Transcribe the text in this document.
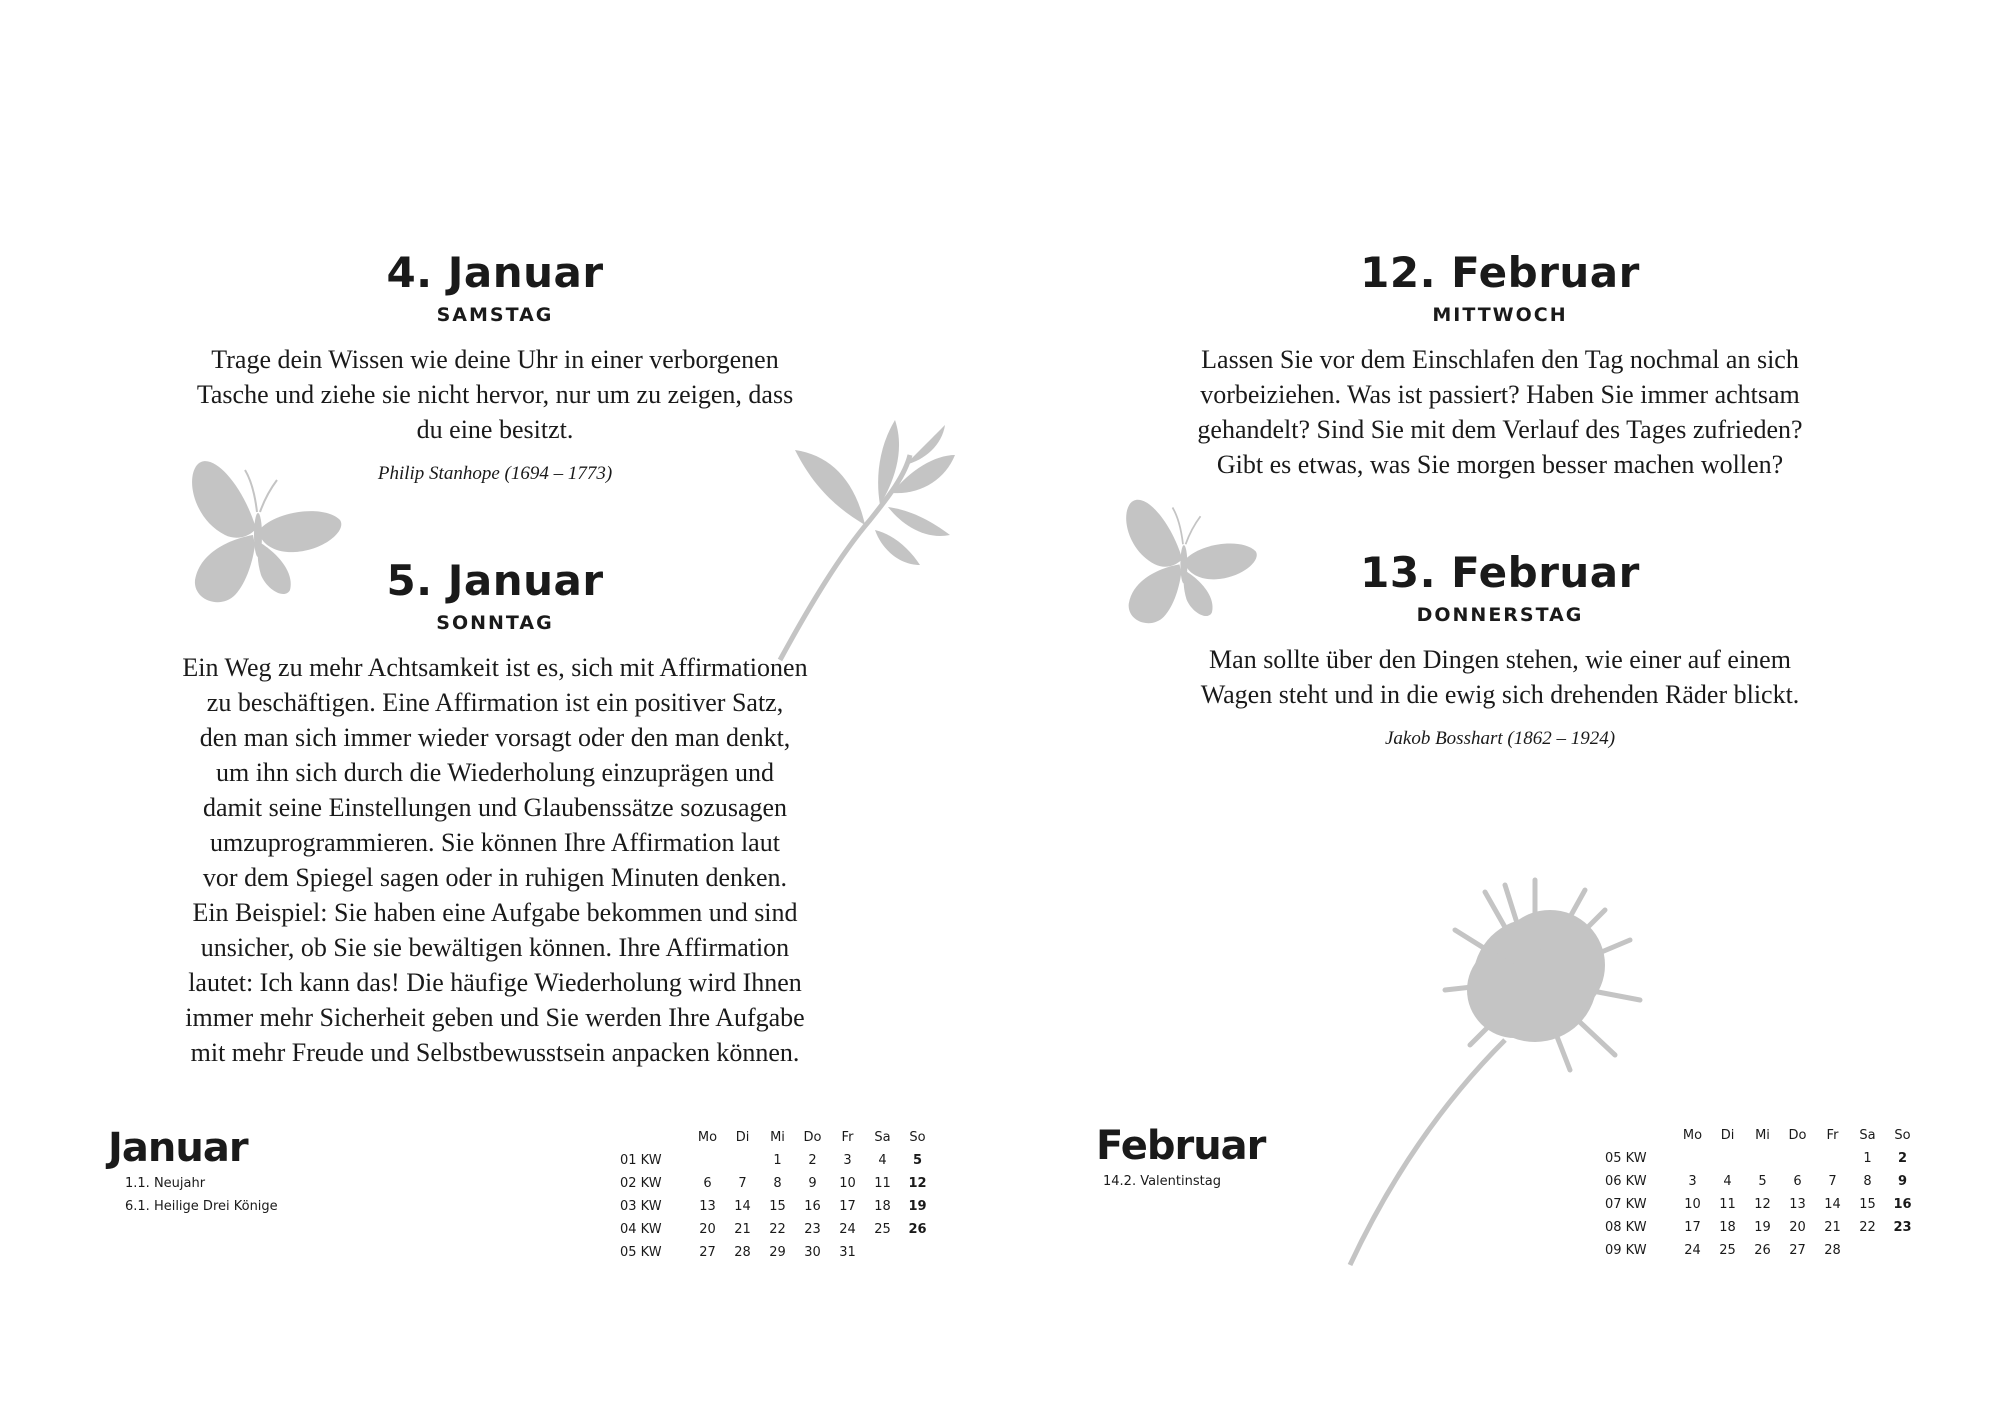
4. Januar
SAMSTAG
Trage dein Wissen wie deine Uhr in einer verborgenen
Tasche und ziehe sie nicht hervor, nur um zu zeigen, dass
du eine besitzt.
Philip Stanhope (1694 – 1773)
5. Januar
SONNTAG
Ein Weg zu mehr Achtsamkeit ist es, sich mit Affirmationen
zu beschäftigen. Eine Affirmation ist ein positiver Satz,
den man sich immer wieder vorsagt oder den man denkt,
um ihn sich durch die Wiederholung einzuprägen und
damit seine Einstellungen und Glaubenssätze sozusagen
umzuprogrammieren. Sie können Ihre Affirmation laut
vor dem Spiegel sagen oder in ruhigen Minuten denken.
Ein Beispiel: Sie haben eine Aufgabe bekommen und sind
unsicher, ob Sie sie bewältigen können. Ihre Affirmation
lautet: Ich kann das! Die häufige Wiederholung wird Ihnen
immer mehr Sicherheit geben und Sie werden Ihre Aufgabe
mit mehr Freude und Selbstbewusstsein anpacken können.
Januar
1.1. Neujahr
6.1. Heilige Drei Könige
	Mo	Di	Mi	Do	Fr	Sa	So
01 KW			1	2	3	4	5
02 KW	6	7	8	9	10	11	12
03 KW	13	14	15	16	17	18	19
04 KW	20	21	22	23	24	25	26
05 KW	27	28	29	30	31		
12. Februar
MITTWOCH
Lassen Sie vor dem Einschlafen den Tag nochmal an sich
vorbeiziehen. Was ist passiert? Haben Sie immer achtsam
gehandelt? Sind Sie mit dem Verlauf des Tages zufrieden?
Gibt es etwas, was Sie morgen besser machen wollen?
13. Februar
DONNERSTAG
Man sollte über den Dingen stehen, wie einer auf einem
Wagen steht und in die ewig sich drehenden Räder blickt.
Jakob Bosshart (1862 – 1924)
Februar
14.2. Valentinstag
	Mo	Di	Mi	Do	Fr	Sa	So
05 KW						1	2
06 KW	3	4	5	6	7	8	9
07 KW	10	11	12	13	14	15	16
08 KW	17	18	19	20	21	22	23
09 KW	24	25	26	27	28		
